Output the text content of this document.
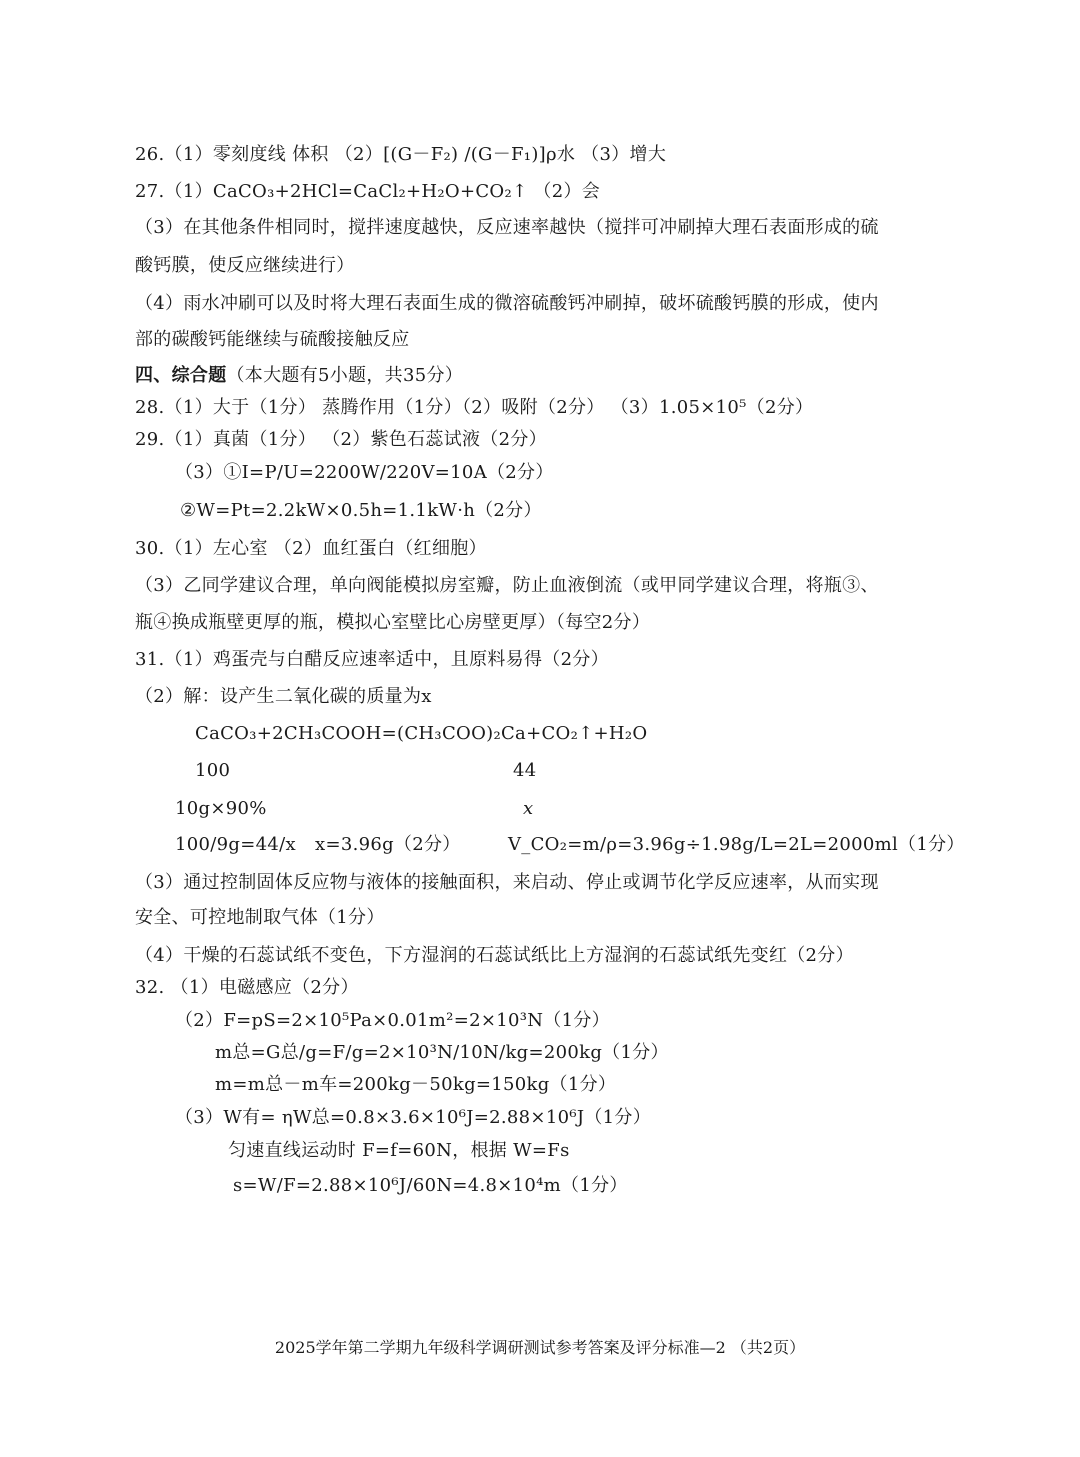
26.（1）零刻度线 体积 （2）[(G－F₂) /(G－F₁)]ρ水 （3）增大
27.（1）CaCO₃+2HCl=CaCl₂+H₂O+CO₂↑ （2）会
（3）在其他条件相同时，搅拌速度越快，反应速率越快（搅拌可冲刷掉大理石表面形成的硫
酸钙膜，使反应继续进行）
（4）雨水冲刷可以及时将大理石表面生成的微溶硫酸钙冲刷掉，破坏硫酸钙膜的形成，使内
部的碳酸钙能继续与硫酸接触反应
四、综合题（本大题有5小题，共35分）
28.（1）大于（1分） 蒸腾作用（1分）（2）吸附（2分） （3）1.05×10⁵（2分）
29.（1）真菌（1分） （2）紫色石蕊试液（2分）
（3）①I=P/U=2200W/220V=10A（2分）
②W=Pt=2.2kW×0.5h=1.1kW·h（2分）
30.（1）左心室 （2）血红蛋白（红细胞）
（3）乙同学建议合理，单向阀能模拟房室瓣，防止血液倒流（或甲同学建议合理，将瓶③、
瓶④换成瓶壁更厚的瓶，模拟心室壁比心房壁更厚）（每空2分）
31.（1）鸡蛋壳与白醋反应速率适中，且原料易得（2分）
（2）解：设产生二氧化碳的质量为x
CaCO₃+2CH₃COOH=(CH₃COO)₂Ca+CO₂↑+H₂O
100	44
10g×90%	x
100/9g=44/x x=3.96g（2分）	V_CO₂=m/ρ=3.96g÷1.98g/L=2L=2000ml（1分）
（3）通过控制固体反应物与液体的接触面积，来启动、停止或调节化学反应速率，从而实现
安全、可控地制取气体（1分）
（4）干燥的石蕊试纸不变色，下方湿润的石蕊试纸比上方湿润的石蕊试纸先变红（2分）
32. （1）电磁感应（2分）
（2）F=pS=2×10⁵Pa×0.01m²=2×10³N（1分）
m总=G总/g=F/g=2×10³N/10N/kg=200kg（1分）
m=m总－m车=200kg－50kg=150kg（1分）
（3）W有= ηW总=0.8×3.6×10⁶J=2.88×10⁶J（1分）
匀速直线运动时 F=f=60N，根据 W=Fs
s=W/F=2.88×10⁶J/60N=4.8×10⁴m（1分）
2025学年第二学期九年级科学调研测试参考答案及评分标准—2 （共2页）
